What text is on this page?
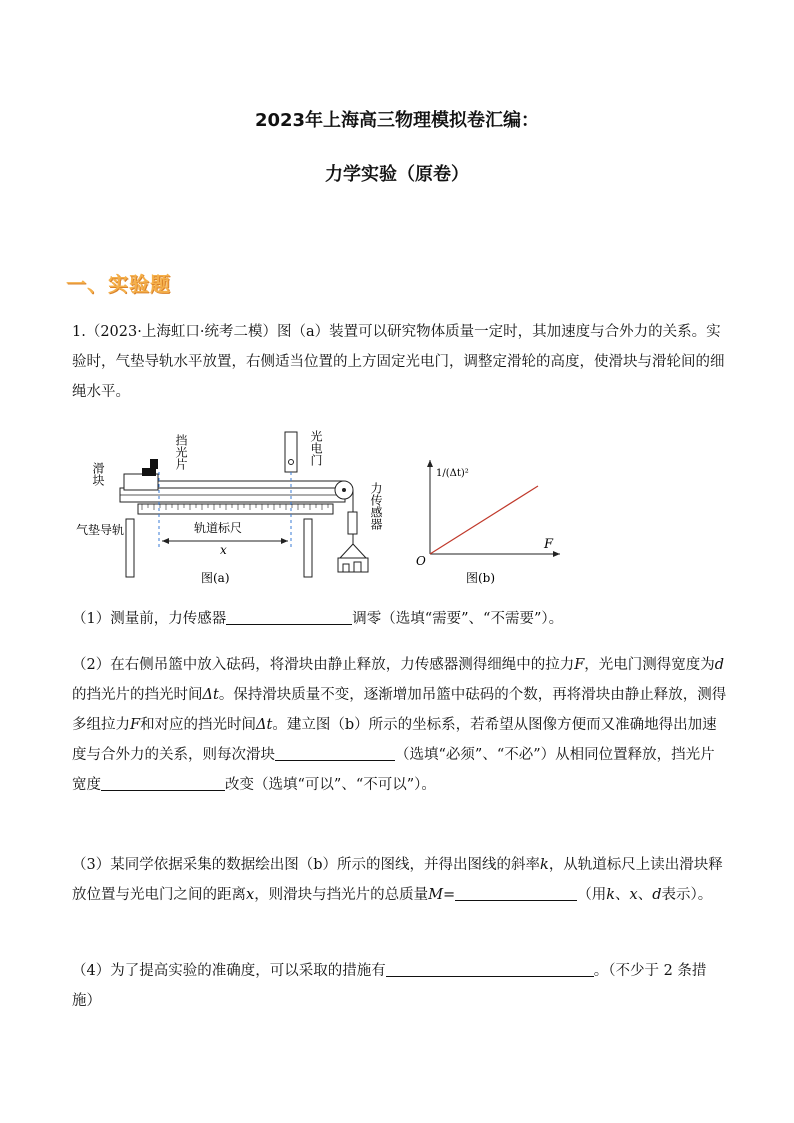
2023年上海高三物理模拟卷汇编：
力学实验（原卷）
一、实验题
1.（2023·上海虹口·统考二模）图（a）装置可以研究物体质量一定时，其加速度与合外力的关系。实验时，气垫导轨水平放置，右侧适当位置的上方固定光电门，调整定滑轮的高度，使滑块与滑轮间的细绳水平。
滑块
挡光片	光电门
力传感器
气垫导轨	轨道标尺
x
图(a)
1/(Δt)²
F
O
图(b)
（1）测量前，力传感器	调零（选填“需要”、“不需要”）。
（2）在右侧吊篮中放入砝码，将滑块由静止释放，力传感器测得细绳中的拉力F，光电门测得宽度为d的挡光片的挡光时间Δt。保持滑块质量不变，逐渐增加吊篮中砝码的个数，再将滑块由静止释放，测得多组拉力F和对应的挡光时间Δt。建立图（b）所示的坐标系，若希望从图像方便而又准确地得出加速度与合外力的关系，则每次滑块	（选填“必须”、“不必”）从相同位置释放，挡光片宽度	改变（选填“可以”、“不可以”）。
（3）某同学依据采集的数据绘出图（b）所示的图线，并得出图线的斜率k，从轨道标尺上读出滑块释放位置与光电门之间的距离x，则滑块与挡光片的总质量M=	（用k、x、d表示）。
（4）为了提高实验的准确度，可以采取的措施有	。（不少于 2 条措施）
